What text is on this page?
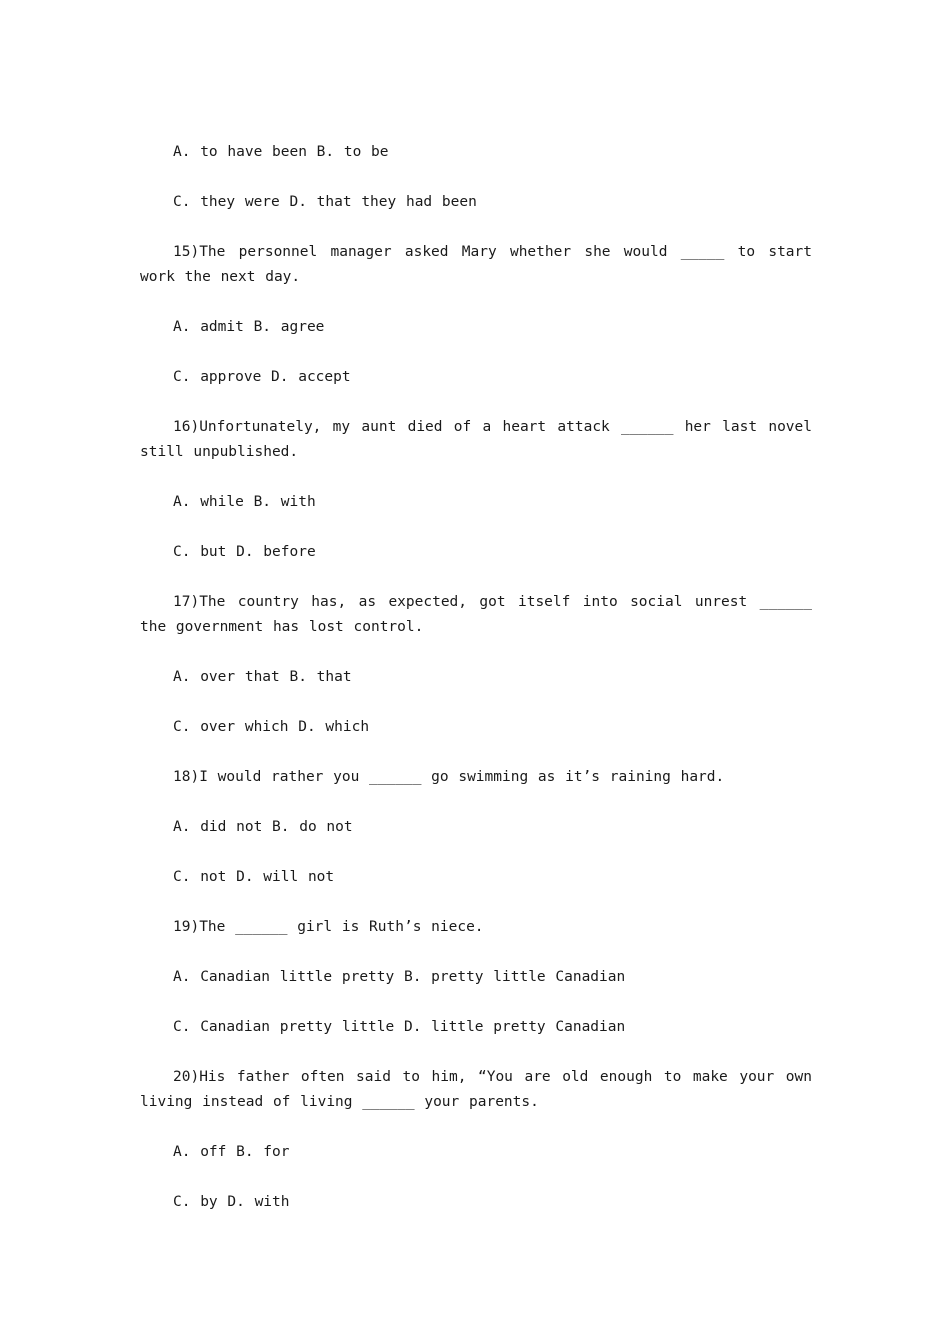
A. to have been B. to be

C. they were D. that they had been

15)The personnel manager asked Mary whether she would _____ to start work the next day.

A. admit B. agree

C. approve D. accept

16)Unfortunately, my aunt died of a heart attack ______ her last novel still unpublished.

A. while B. with

C. but D. before

17)The country has, as expected, got itself into social unrest ______ the government has lost control.

A. over that B. that

C. over which D. which

18)I would rather you ______ go swimming as it’s raining hard.

A. did not B. do not

C. not D. will not

19)The ______ girl is Ruth’s niece.

A. Canadian little pretty B. pretty little Canadian

C. Canadian pretty little D. little pretty Canadian

20)His father often said to him, “You are old enough to make your own living instead of living ______ your parents.

A. off B. for

C. by D. with
